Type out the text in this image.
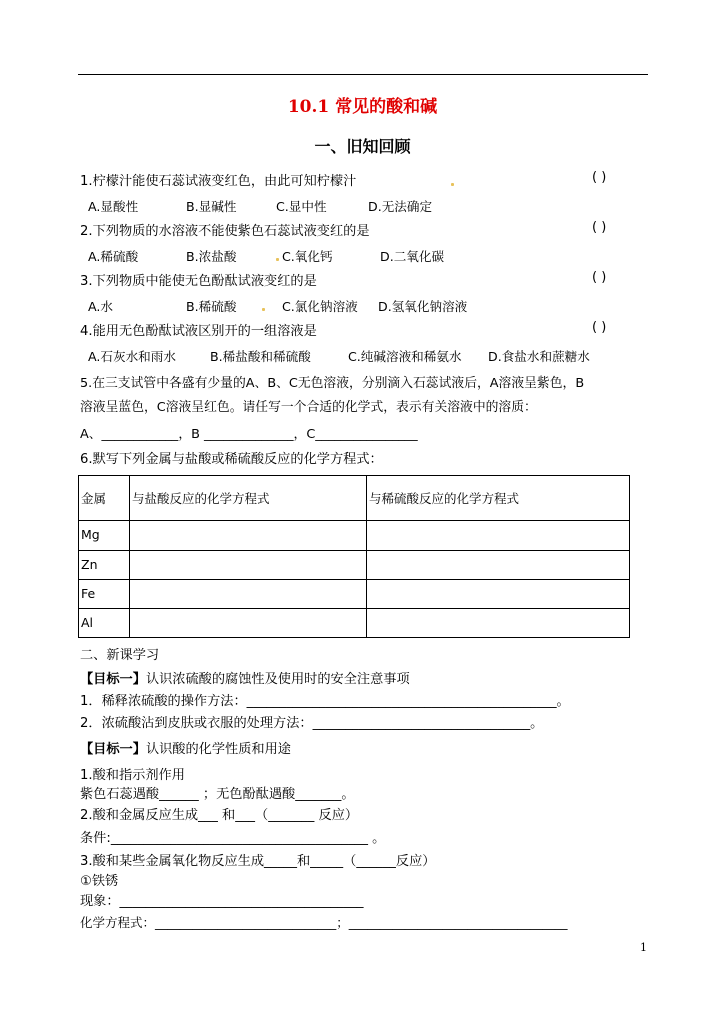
10.1 常见的酸和碱
一、旧知回顾
1.柠檬汁能使石蕊试液变红色，由此可知柠檬汁	( )
A.显酸性	B.显碱性	C.显中性	D.无法确定
2.下列物质的水溶液不能使紫色石蕊试液变红的是	( )
A.稀硫酸	B.浓盐酸	C.氧化钙	D.二氧化碳
3.下列物质中能使无色酚酞试液变红的是	( )
A.水	B.稀硫酸	C.氯化钠溶液 D.氢氧化钠溶液
4.能用无色酚酞试液区别开的一组溶液是	( )
A.石灰水和雨水	B.稀盐酸和稀硫酸	C.纯碱溶液和稀氨水 D.食盐水和蔗糖水
5.在三支试管中各盛有少量的A、B、C无色溶液，分别滴入石蕊试液后，A溶液呈紫色，B
溶液呈蓝色，C溶液呈红色。请任写一个合适的化学式，表示有关溶液中的溶质：
A、____________，B ______________，C________________
6.默写下列金属与盐酸或稀硫酸反应的化学方程式：
金属	与盐酸反应的化学方程式	与稀硫酸反应的化学方程式
Mg		
Zn		
Fe		
Al		
二、新课学习
【目标一】认识浓硫酸的腐蚀性及使用时的安全注意事项
1．稀释浓硫酸的操作方法：_______________________________________________。
2．浓硫酸沾到皮肤或衣服的处理方法：_________________________________。
【目标一】认识酸的化学性质和用途
1.酸和指示剂作用
紫色石蕊遇酸______ ；无色酚酞遇酸_______。
2.酸和金属反应生成___ 和___（_______ 反应）
条件:_______________________________________ 。
3.酸和某些金属氧化物反应生成_____和_____（______反应）
①铁锈
现象：_____________________________________
化学方程式：_____________________________；___________________________________
1
